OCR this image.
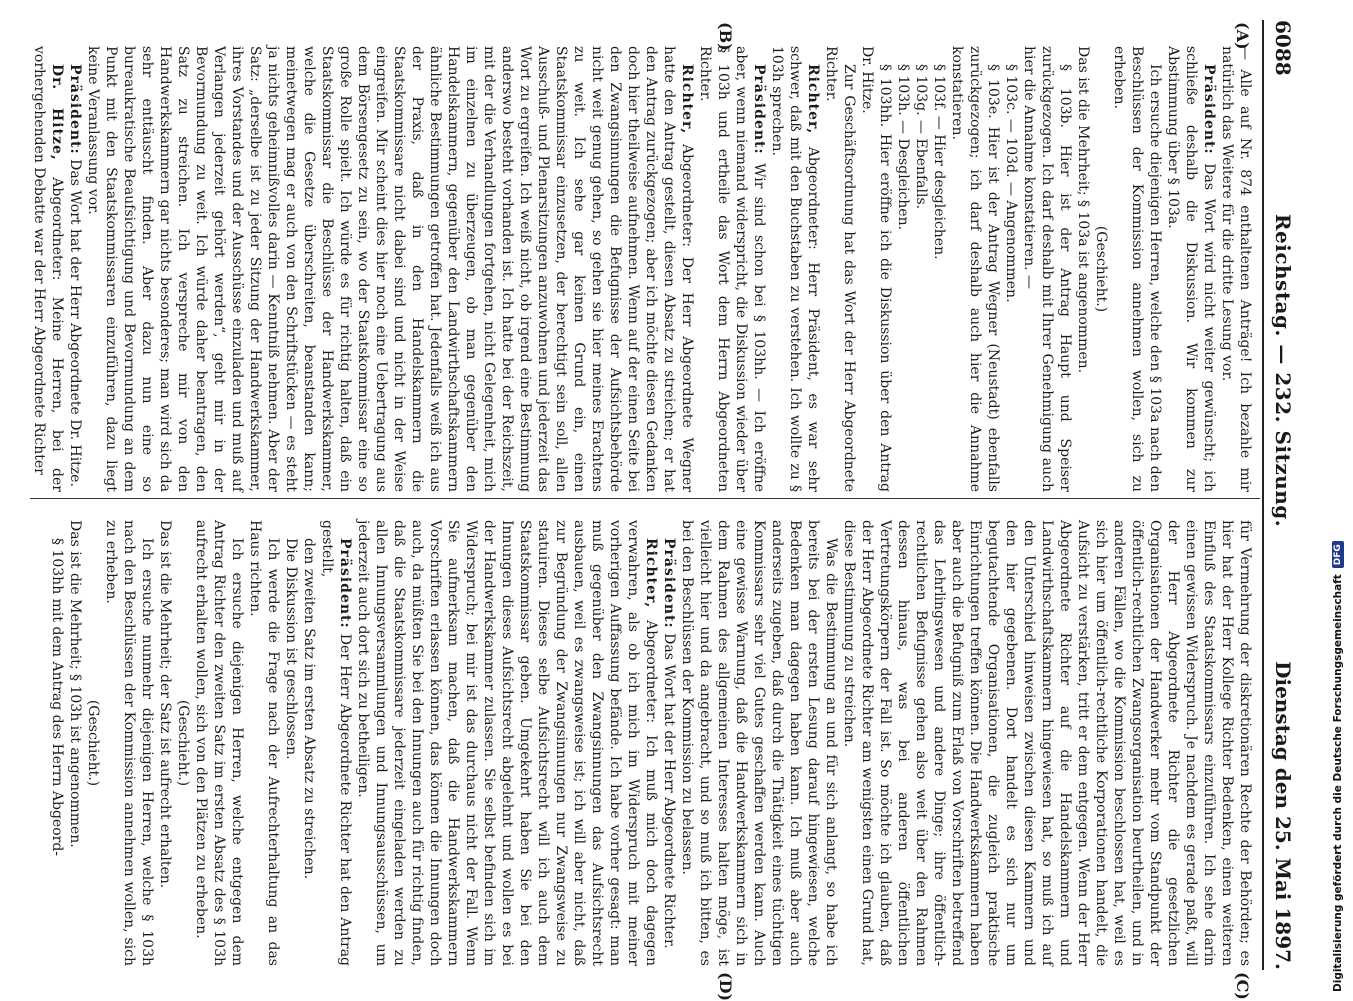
6088
Reichstag. — 232. Sitzung.
Dienstag den 25. Mai 1897.
(A)
(B)
(C)
(D)

— Alle auf Nr. 874 enthaltenen Anträge! Ich bezahle mir natürlich das Weitere für die dritte Lesung vor.

Präsident: Das Wort wird nicht weiter gewünscht; ich schließe deshalb die Diskussion. Wir kommen zur Abstimmung über § 103a.

Ich ersuche diejenigen Herren, welche den § 103a nach den Beschlüssen der Kommission annehmen wollen, sich zu erheben.

(Geschieht.)

Das ist die Mehrheit; § 103a ist angenommen.

§ 103b. Hier ist der Antrag Haupt und Speiser zurückgezogen. Ich darf deshalb mit Ihrer Genehmigung auch hier die Annahme konstatieren. —

§ 103c. — 103d. — Angenommen.

§ 103e. Hier ist der Antrag Wegner (Neustadt) ebenfalls zurückgezogen; ich darf deshalb auch hier die Annahme konstatieren.

§ 103f. — Hier desgleichen.

§ 103g. — Ebenfalls.

§ 103h. — Desgleichen.

§ 103hh. Hier eröffne ich die Diskussion über den Antrag Dr. Hitze.

Zur Geschäftsordnung hat das Wort der Herr Abgeordnete Richter.

Richter, Abgeordneter: Herr Präsident, es war sehr schwer, daß mit den Buchstaben zu verstehen. Ich wollte zu § 103h sprechen.

Präsident: Wir sind schon bei § 103hh. — Ich eröffne aber, wenn niemand widerspricht, die Diskussion wieder über § 103h und ertheile das Wort dem Herrn Abgeordneten Richter.

Richter, Abgeordneter: Der Herr Abgeordnete Wegner hatte den Antrag gestellt, diesen Absatz zu streichen; er hat den Antrag zurückgezogen; aber ich möchte diesen Gedanken doch hier theilweise aufnehmen. Wenn auf der einen Seite bei den Zwangsinnungen die Befugnisse der Aufsichtsbehörde nicht weit genug gehen, so gehen sie hier meines Erachtens zu weit. Ich sehe gar keinen Grund ein, einen Staatskommissar einzusetzen, der berechtigt sein soll, allen Ausschuß- und Plenarsitzungen anzuwohnen und jederzeit das Wort zu ergreifen. Ich weiß nicht, ob irgend eine Bestimmung anderswo besteht vorhanden ist. Ich hatte bei der Reichszeit, mit der die Verhandlungen fortgehen, nicht Gelegenheit, mich im einzelnen zu überzeugen, ob man gegenüber den Handelskammern, gegenüber den Landwirthschaftskammern ähnliche Bestimmungen getroffen hat. Jedenfalls weiß ich aus der Praxis, daß in den Handelskammern die Staatskommissare nicht dabei sind und nicht in der Weise eingreifen. Mir scheint dies hier noch eine Uebertragung aus dem Börsengesetz zu sein, wo der Staatskommissar eine so große Rolle spielt. Ich würde es für richtig halten, daß ein Staatskommissar die Beschlüsse der Handwerkskammer, welche die Gesetze überschreiten, beanstanden kann; meinetwegen mag er auch von den Schriftstücken — es steht ja nichts geheimnißvolles darin — Kenntniß nehmen. Aber der Satz: „derselbe ist zu jeder Sitzung der Handwerkskammer, ihres Vorstandes und der Ausschüsse einzuladen und muß auf Verlangen jederzeit gehört werden“, geht mir in der Bevormundung zu weit. Ich würde daher beantragen, den Satz zu streichen. Ich verspreche mir von den Handwerkskammern gar nichts besonderes; man wird sich da sehr enttäuscht finden. Aber dazu nun eine so bureaukratische Beaufsichtigung und Bevormundung an dem Punkt mit den Staatskommissaren einzuführen, dazu liegt keine Veranlassung vor.

Präsident: Das Wort hat der Herr Abgeordnete Dr. Hitze.

Dr. Hitze, Abgeordneter: Meine Herren, bei der vorhergehenden Debatte war der Herr Abgeordnete Richter

für Vermehrung der diskretionären Rechte der Behörden; es hier hat der Herr Kollege Richter Bedenken, einen weiteren Einfluß des Staatskommissars einzuführen. Ich sehe darin einen gewissen Widerspruch. Je nachdem es gerade paßt, will der Herr Abgeordnete Richter die gesetzlichen Organisationen der Handwerker mehr vom Standpunkt der öffentlich-rechtlichen Zwangsorganisation beurtheilen, und in anderen Fällen, wo die Kommission beschlossen hat, weil es sich hier um öffentlich-rechtliche Korporationen handelt, die Aufsicht zu verstärken, tritt er dem entgegen. Wenn der Herr Abgeordnete Richter auf die Handelskammern und Landwirthschaftskammern hingewiesen hat, so muß ich auf den Unterschied hinweisen zwischen diesen Kammern und den hier gegebenen. Dort handelt es sich nur um begutachtende Organisationen, die zugleich praktische Einrichtungen treffen können. Die Handwerkskammern haben aber auch die Befugniß zum Erlaß von Vorschriften betreffend das Lehrlingswesen und andere Dinge; ihre öffentlich-rechtlichen Befugnisse gehen also weit über den Rahmen dessen hinaus, was bei anderen öffentlichen Vertretungskörpern der Fall ist. So möchte ich glauben, daß der Herr Abgeordnete Richter am wenigsten einen Grund hat, diese Bestimmung zu streichen.

Was die Bestimmung an und für sich anlangt, so habe ich bereits bei der ersten Lesung darauf hingewiesen, welche Bedenken man dagegen haben kann. Ich muß aber auch anderseits zugeben, daß durch die Thätigkeit eines tüchtigen Kommissars sehr viel Gutes geschaffen werden kann. Auch eine gewisse Warnung, daß die Handwerkskammern sich in dem Rahmen des allgemeinen Interesses halten möge, ist vielleicht hier und da angebracht, und so muß ich bitten, es bei den Beschlüssen der Kommission zu belassen.

Präsident: Das Wort hat der Herr Abgeordnete Richter.

Richter, Abgeordneter: Ich muß mich doch dagegen verwahren, als ob ich mich im Widerspruch mit meiner vorherigen Auffassung befände. Ich habe vorher gesagt: man muß gegenüber den Zwangsinnungen das Aufsichtsrecht ausbauen, weil es zwangsweise ist; ich will aber nicht, daß zur Begründung der Zwangsinnungen nur Zwangsweise zu statuiren. Dieses selbe Aufsichtsrecht will ich auch dem Staatskommissar geben. Umgekehrt haben Sie bei den Innungen dieses Aufsichtsrecht abgelehnt und wollen es bei der Handwerkskammer zulassen. Sie selbst befinden sich im Widerspruch; bei mir ist das durchaus nicht der Fall. Wenn Sie aufmerksam machen, daß die Handwerkskammern Vorschriften erlassen können, das können die Innungen doch auch, da müßten Sie bei den Innungen auch für richtig finden, daß die Staatskommissare jederzeit eingeladen werden zu allen Innungsversammlungen und Innungsausschüssen, um jederzeit auch dort sich zu betheiligen.

Präsident: Der Herr Abgeordnete Richter hat den Antrag gestellt,

den zweiten Satz im ersten Absatz zu streichen.

Die Diskussion ist geschlossen.

Ich werde die Frage nach der Aufrechterhaltung an das Haus richten.

Ich ersuche diejenigen Herren, welche entgegen dem Antrag Richter den zweiten Satz im ersten Absatz des § 103h aufrecht erhalten wollen, sich von den Plätzen zu erheben.

(Geschieht.)

Das ist die Mehrheit; der Satz ist aufrecht erhalten.

Ich ersuche nunmehr diejenigen Herren, welche § 103h nach den Beschlüssen der Kommission annehmen wollen, sich zu erheben.

(Geschieht.)

Das ist die Mehrheit; § 103h ist angenommen.

§ 103hh mit dem Antrag des Herrn Abgeord-	Digitalisierung gefördert durch die Deutsche Forschungsgemeinschaft
DFG
